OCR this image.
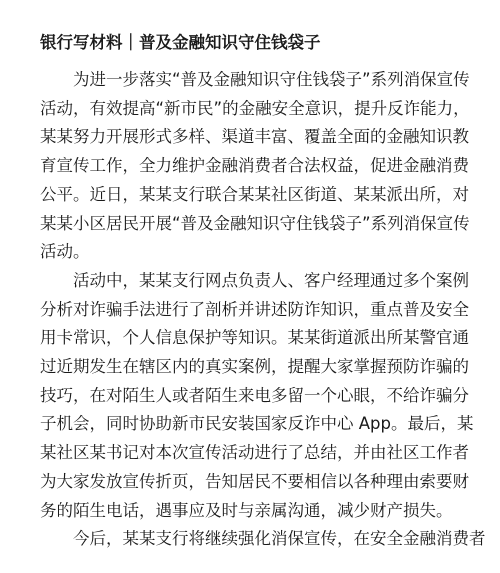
银行写材料｜普及金融知识守住钱袋子

为进一步落实“普及金融知识守住钱袋子”系列消保宣传

活动，有效提高“新市民”的金融安全意识，提升反诈能力，

某某努力开展形式多样、渠道丰富、覆盖全面的金融知识教

育宣传工作，全力维护金融消费者合法权益，促进金融消费

公平。近日，某某支行联合某某社区街道、某某派出所，对

某某小区居民开展“普及金融知识守住钱袋子”系列消保宣传

活动。

活动中，某某支行网点负责人、客户经理通过多个案例

分析对诈骗手法进行了剖析并讲述防诈知识，重点普及安全

用卡常识，个人信息保护等知识。某某街道派出所某警官通

过近期发生在辖区内的真实案例，提醒大家掌握预防诈骗的

技巧，在对陌生人或者陌生来电多留一个心眼，不给诈骗分

子机会，同时协助新市民安装国家反诈中心 App。最后，某

某社区某书记对本次宣传活动进行了总结，并由社区工作者

为大家发放宣传折页，告知居民不要相信以各种理由索要财

务的陌生电话，遇事应及时与亲属沟通，减少财产损失。

今后，某某支行将继续强化消保宣传，在安全金融消费者
